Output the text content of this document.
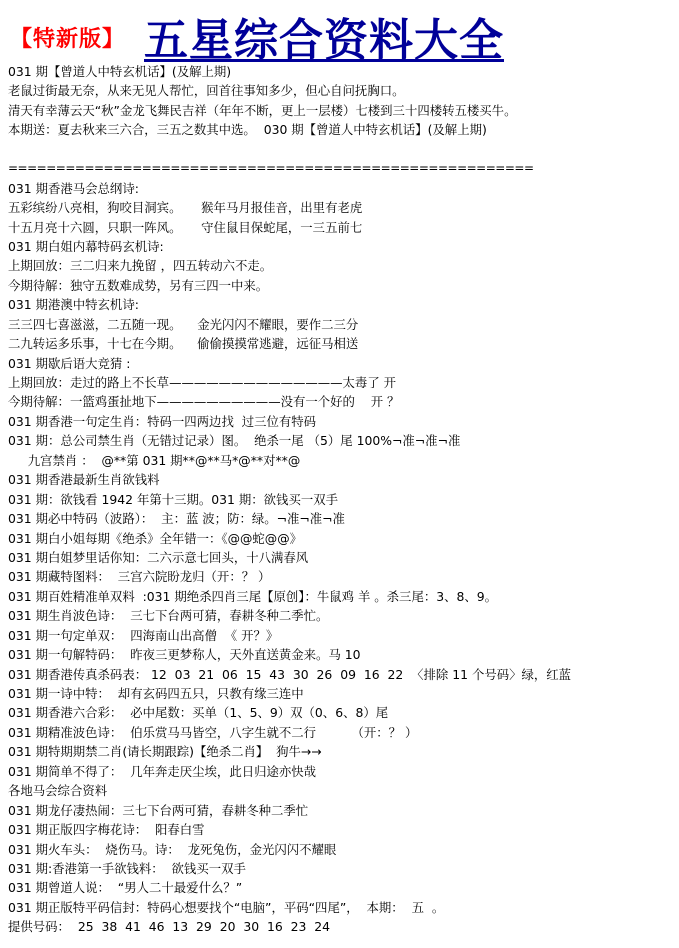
【特新版】 五星综合资料大全
031 期【曾道人中特玄机话】(及解上期)
老鼠过街最无奈，从来无见人帮忙，回首往事知多少，但心自问抚胸口。
清天有幸薄云天“秋”金龙飞舞民吉祥（年年不断，更上一层楼）七楼到三十四楼转五楼买牛。
本期送：夏去秋来三六合，三五之数其中选。  030 期【曾道人中特玄机话】(及解上期)
=======================================================
031 期香港马会总纲诗:
五彩缤纷八亮相，狗咬目洞宾。     猴年马月报佳音，出里有老虎
十五月亮十六圆，只职一阵风。     守住鼠目保蛇尾，一三五前七
031 期白姐内幕特码玄机诗:
上期回放：三二归来九挽留 ，四五转动六不走。
今期待解：独守五数难成势，另有三四一中来。
031 期港澳中特玄机诗:
三三四七喜滋滋，二五随一现。    金光闪闪不耀眼，要作二三分
二九转运多乐事，十七在今期。    偷偷摸摸常逃避，远征马相送
031 期歇后语大竞猜 :
上期回放：走过的路上不长草——————————————太毒了 开
今期待解：一篮鸡蛋扯地下——————————没有一个好的    开 ？
031 期香港一句定生肖：特码一四两边找  过三位有特码
031 期：总公司禁生肖（无错过记录）图。  绝杀一尾 （5）尾 100%¬准¬准¬准
九宫禁肖 ：  @**第 031 期**@**马*@**对**@
031 期香港最新生肖欲钱料
031 期：欲钱看 1942 年第十三期。031 期：欲钱买一双手
031 期必中特码（波路）：  主：蓝 波；防：绿。¬准¬准¬准
031 期白小姐每期《绝杀》全年错一：《@@蛇@@》
031 期白姐梦里话你知：二六示意七回头，十八满春风
031 期藏特图料：  三宫六院盼龙归（开：？ ）
031 期百姓精准单双料  :031 期绝杀四肖三尾【原创】：牛鼠鸡 羊 。杀三尾：3、8、9。
031 期生肖波色诗：  三七下台两可猜，春耕冬种二季忙。
031 期一句定单双：  四海南山出高僧  《 开？》
031 期一句解特码：  昨夜三更梦称人，天外直送黄金来。马 10
031 期香港传真杀码表： 12  03  21  06  15  43  30  26  09  16  22  〈排除 11 个号码〉绿，红蓝
031 期一诗中特：  却有玄码四五只，只教有缘三连中
031 期香港六合彩：  必中尾数：买单（1、5、9）双（0、6、8）尾
031 期精准波色诗：  伯乐赏马马皆空，八字生就不二行         （开：？ ）
031 期特期期禁二肖(请长期跟踪)【绝杀二肖】  狗牛→→
031 期简单不得了：  几年奔走厌尘埃，此日归途亦快哉
各地马会综合资料
031 期龙仔凄热闹：三七下台两可猜，春耕冬种二季忙
031 期正版四字梅花诗：  阳春白雪
031 期火车头：  烧伤马。诗：  龙死兔伤，金光闪闪不耀眼
031 期:香港第一手欲钱料：  欲钱买一双手
031 期曾道人说：  “男人二十最爱什么？”
031 期正版特平码信封：特码心想要找个“电脑”，平码“四尾”，  本期：  五  。
提供号码：  25  38  41  46  13  29  20  30  16  23  24
